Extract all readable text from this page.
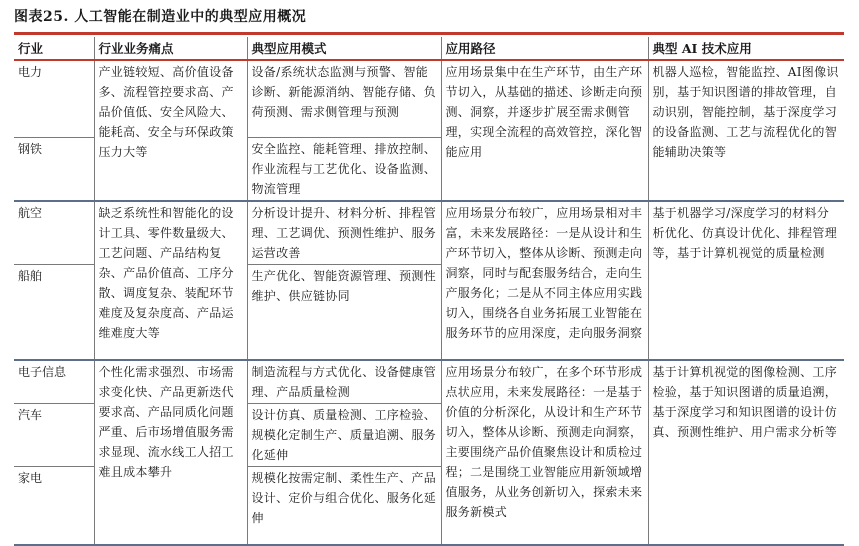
图表25. 人工智能在制造业中的典型应用概况
行业	行业业务痛点	典型应用模式	应用路径	典型 AI 技术应用
电力	产业链较短、高价值设备多、流程管控要求高、产品价值低、安全风险大、能耗高、安全与环保政策压力大等	设备/系统状态监测与预警、智能诊断、新能源消纳、智能存储、负荷预测、需求侧管理与预测	应用场景集中在生产环节，由生产环节切入，从基础的描述、诊断走向预测、洞察，并逐步扩展至需求侧管理，实现全流程的高效管控，深化智能应用	机器人巡检，智能监控、AI图像识别，基于知识图谱的排故管理，自动识别，智能控制，基于深度学习的设备监测、工艺与流程优化的智能辅助决策等
钢铁		安全监控、能耗管理、排放控制、作业流程与工艺优化、设备监测、物流管理		
航空	缺乏系统性和智能化的设计工具、零件数量级大、工艺问题、产品结构复杂、产品价值高、工序分散、调度复杂、装配环节难度及复杂度高、产品运维难度大等	分析设计提升、材料分析、排程管理、工艺调优、预测性维护、服务运营改善	应用场景分布较广，应用场景相对丰富，未来发展路径：一是从设计和生产环节切入，整体从诊断、预测走向洞察，同时与配套服务结合，走向生产服务化；二是从不同主体应用实践切入，围绕各自业务拓展工业智能在服务环节的应用深度，走向服务洞察	基于机器学习/深度学习的材料分析优化、仿真设计优化、排程管理等，基于计算机视觉的质量检测
船舶		生产优化、智能资源管理、预测性维护、供应链协同		
电子信息	个性化需求强烈、市场需求变化快、产品更新迭代要求高、产品同质化问题严重、后市场增值服务需求显现、流水线工人招工难且成本攀升	制造流程与方式优化、设备健康管理、产品质量检测	应用场景分布较广，在多个环节形成点状应用，未来发展路径：一是基于价值的分析深化，从设计和生产环节切入，整体从诊断、预测走向洞察，主要围绕产品价值聚焦设计和质检过程；二是围绕工业智能应用新领域增值服务，从业务创新切入，探索未来服务新模式	基于计算机视觉的图像检测、工序检验，基于知识图谱的质量追溯，基于深度学习和知识图谱的设计仿真、预测性维护、用户需求分析等
汽车		设计仿真、质量检测、工序检验、规模化定制生产、质量追溯、服务化延伸		
家电		规模化按需定制、柔性生产、产品设计、定价与组合优化、服务化延伸		
